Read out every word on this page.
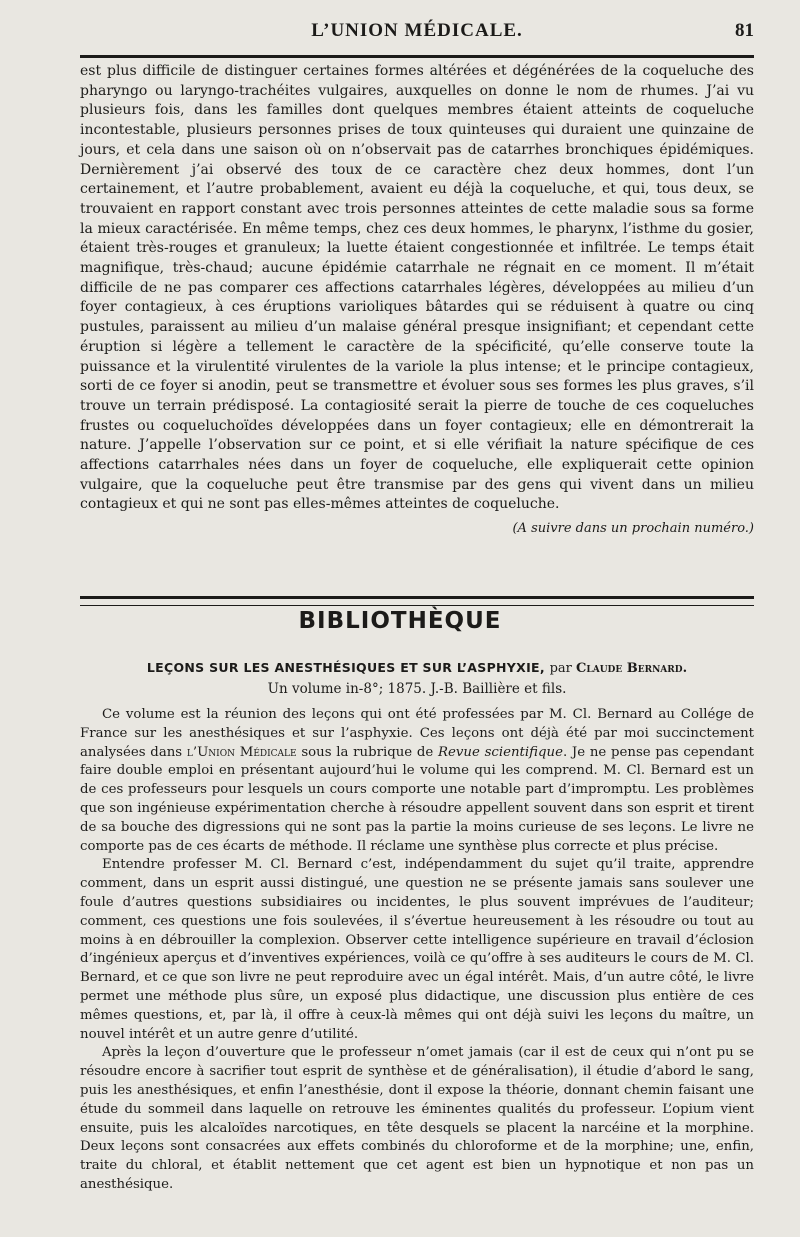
L’UNION MÉDICALE.	81

est plus difficile de distinguer certaines formes altérées et dégénérées de la coqueluche des pharyngo ou laryngo-trachéites vulgaires, auxquelles on donne le nom de rhumes. J’ai vu plusieurs fois, dans les familles dont quelques membres étaient atteints de coqueluche incontestable, plusieurs personnes prises de toux quinteuses qui duraient une quinzaine de jours, et cela dans une saison où on n’observait pas de catarrhes bronchiques épidémiques. Dernièrement j’ai observé des toux de ce caractère chez deux hommes, dont l’un certainement, et l’autre probablement, avaient eu déjà la coqueluche, et qui, tous deux, se trouvaient en rapport constant avec trois personnes atteintes de cette maladie sous sa forme la mieux caractérisée. En même temps, chez ces deux hommes, le pharynx, l’isthme du gosier, étaient très-rouges et granuleux; la luette étaient congestionnée et infiltrée. Le temps était magnifique, très-chaud; aucune épidémie catarrhale ne régnait en ce moment. Il m’était difficile de ne pas comparer ces affections catarrhales légères, développées au milieu d’un foyer contagieux, à ces éruptions varioliques bâtardes qui se réduisent à quatre ou cinq pustules, paraissent au milieu d’un malaise général presque insignifiant; et cependant cette éruption si légère a tellement le caractère de la spécificité, qu’elle conserve toute la puissance et la virulentité virulentes de la variole la plus intense; et le principe contagieux, sorti de ce foyer si anodin, peut se transmettre et évoluer sous ses formes les plus graves, s’il trouve un terrain prédisposé. La contagiosité serait la pierre de touche de ces coqueluches frustes ou coqueluchoïdes développées dans un foyer contagieux; elle en démontrerait la nature. J’appelle l’observation sur ce point, et si elle vérifiait la nature spécifique de ces affections catarrhales nées dans un foyer de coqueluche, elle expliquerait cette opinion vulgaire, que la coqueluche peut être transmise par des gens qui vivent dans un milieu contagieux et qui ne sont pas elles-mêmes atteintes de coqueluche.

(A suivre dans un prochain numéro.)
BIBLIOTHÈQUE
LEÇONS SUR LES ANESTHÉSIQUES ET SUR L’ASPHYXIE, par Claude Bernard.
Un volume in-8°; 1875. J.-B. Baillière et fils.

Ce volume est la réunion des leçons qui ont été professées par M. Cl. Bernard au Collége de France sur les anesthésiques et sur l’asphyxie. Ces leçons ont déjà été par moi succinctement analysées dans l’Union Médicale sous la rubrique de Revue scientifique. Je ne pense pas cependant faire double emploi en présentant aujourd’hui le volume qui les comprend. M. Cl. Bernard est un de ces professeurs pour lesquels un cours comporte une notable part d’impromptu. Les problèmes que son ingénieuse expérimentation cherche à résoudre appellent souvent dans son esprit et tirent de sa bouche des digressions qui ne sont pas la partie la moins curieuse de ses leçons. Le livre ne comporte pas de ces écarts de méthode. Il réclame une synthèse plus correcte et plus précise.

Entendre professer M. Cl. Bernard c’est, indépendamment du sujet qu’il traite, apprendre comment, dans un esprit aussi distingué, une question ne se présente jamais sans soulever une foule d’autres questions subsidiaires ou incidentes, le plus souvent imprévues de l’auditeur; comment, ces questions une fois soulevées, il s’évertue heureusement à les résoudre ou tout au moins à en débrouiller la complexion. Observer cette intelligence supérieure en travail d’éclosion d’ingénieux aperçus et d’inventives expériences, voilà ce qu’offre à ses auditeurs le cours de M. Cl. Bernard, et ce que son livre ne peut reproduire avec un égal intérêt. Mais, d’un autre côté, le livre permet une méthode plus sûre, un exposé plus didactique, une discussion plus entière de ces mêmes questions, et, par là, il offre à ceux-là mêmes qui ont déjà suivi les leçons du maître, un nouvel intérêt et un autre genre d’utilité.

Après la leçon d’ouverture que le professeur n’omet jamais (car il est de ceux qui n’ont pu se résoudre encore à sacrifier tout esprit de synthèse et de généralisation), il étudie d’abord le sang, puis les anesthésiques, et enfin l’anesthésie, dont il expose la théorie, donnant chemin faisant une étude du sommeil dans laquelle on retrouve les éminentes qualités du professeur. L’opium vient ensuite, puis les alcaloïdes narcotiques, en tête desquels se placent la narcéine et la morphine. Deux leçons sont consacrées aux effets combinés du chloroforme et de la morphine; une, enfin, traite du chloral, et établit nettement que cet agent est bien un hypnotique et non pas un anesthésique.
